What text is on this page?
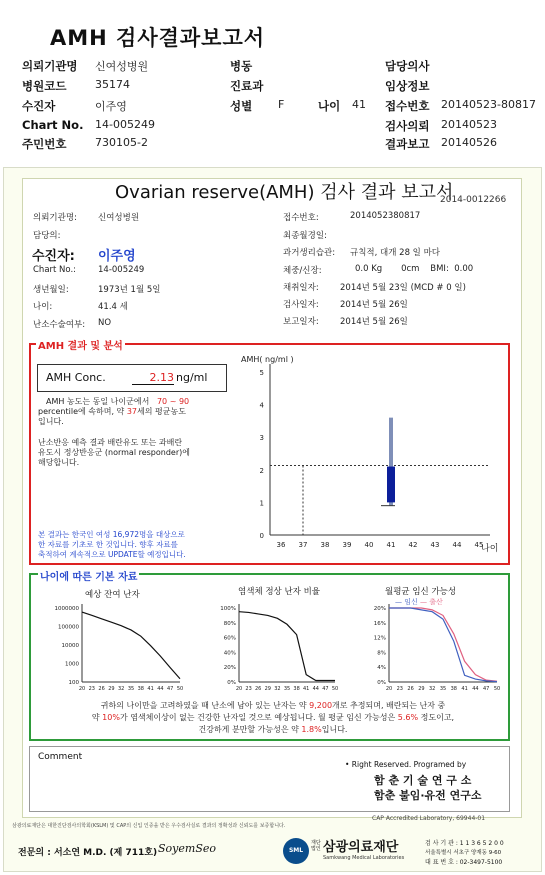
AMH 검사결과보고서
의뢰기관명 신여성병원	병동	담당의사
병원코드	35174	진료과	임상정보
수진자	이주영	성별 F	나이 41 접수번호 20140523-80817
Chart No. 14-005249	검사의뢰 20140523
주민번호	730105-2	결과보고 20140526
Ovarian reserve(AMH) 검사 결과 보고서
2014-0012266
의뢰기관명: 신여성병원
담당의:
수진자: 이주영
Chart No.:	14-005249
생년월일:	1973년 1월 5일
나이:	41.4 세
난소수술여부: NO
접수번호:	2014052380817
최종월경일:
과거생리습관: 규칙적, 대개 28 일 마다
체중/신장:	0.0 Kg       0cm    BMI:  0.00
채취일자:	2014년 5월 23일 (MCD # 0 일)
검사일자:	2014년 5월 26일
보고일자:	2014년 5월 26일
AMH 결과 및 분석
AMH Conc.	2.13 ng/ml
AMH 농도는 동일 나이군에서 70 ~ 90
percentile에 속하며, 약 37세의 평균농도
입니다.
난소반응 예측 결과 배란유도 또는 과배란
유도시 정상반응군 (normal responder)에
해당합니다.
본 결과는 한국인 여성 16,972명을 대상으로
한 자료를 기초로 한 것입니다. 향후 자료를
축적하여 계속적으로 UPDATE할 예정입니다.
AMH( ng/ml )
나이
0
1
2
3
4
5
36 37 38 39 40 41 42 43 44 45
나이에 따른 기본 자료
예상 잔여 난자	염색체 정상 난자 비율	월평균 임신 가능성
— 임신 — 출산
1000000
100000
10000
1000
100
20 23 26 29 32 35 38 41 44 47 50
100%
80%
60%
40%
20%
0%
20 23 26 29 32 35 38 41 44 47 50
20%
16%
12%
8%
4%
0%
20 23 26 29 32 35 38 41 44 47 50
귀하의 나이만을 고려하였을 때 난소에 남아 있는 난자는 약 9,200개로 추정되며, 배란되는 난자 중
약 10%가 염색체이상이 없는 건강한 난자일 것으로 예상됩니다. 월 평균 임신 가능성은 5.6% 정도이고,
건강하게 분만할 가능성은 약 1.8%입니다.
Comment
• Right Reserved. Programed by
함 춘 기 술 연 구 소
함춘 불임·유전 연구소
CAP Accredited Laboratory, 69944-01
삼광의료재단은 대한진단검사의학회(KSLM) 및 CAP의 신입 인증을 받은 우수검사실로 결과의 정확성과 신뢰도를 보증합니다.
전문의 : 서소연 M.D. (제 711호) SoyemSeo	SML
재단법인 삼광의료재단
Samkwang Medical Laboratories
검 사 기 관 : 1 1 3 6 5 2 0 0
서울특별시 서초구 양재동 9-60
대 표 번 호 : 02-3497-5100
